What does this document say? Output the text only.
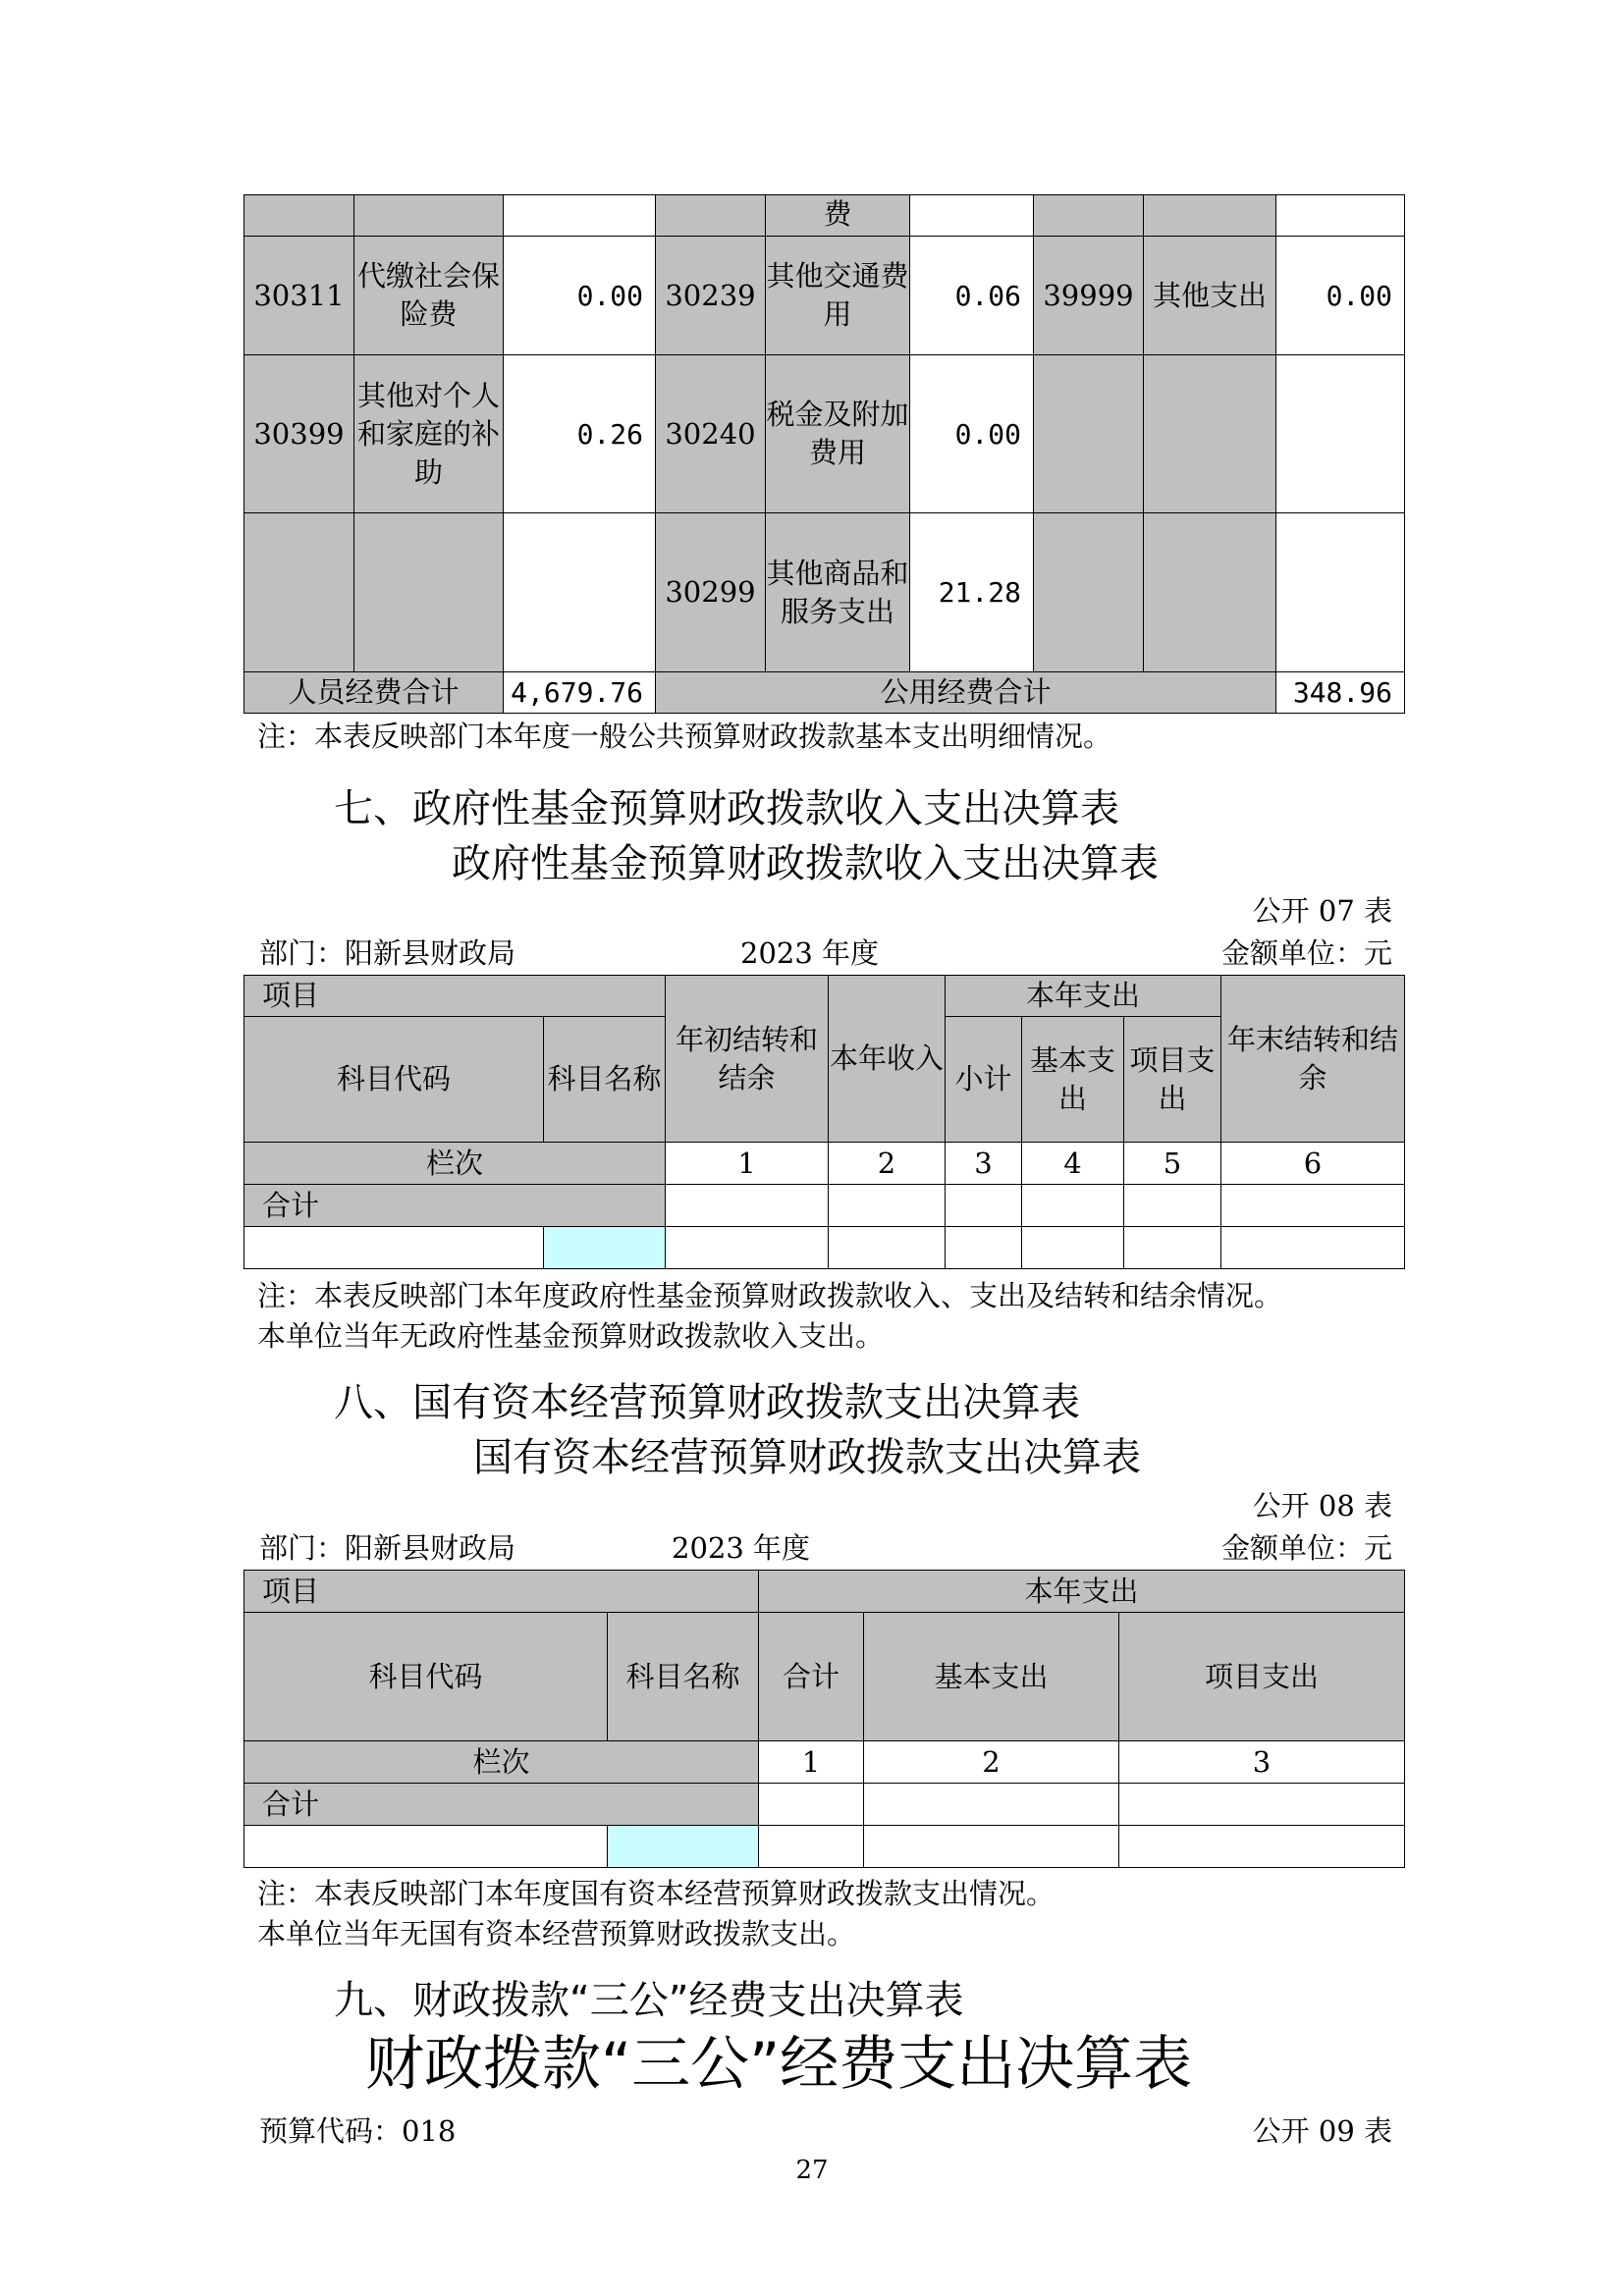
				费				
30311	代缴社会保险费	0.00	30239	其他交通费用	0.06	39999	其他支出	0.00
30399	其他对个人和家庭的补助	0.26	30240	税金及附加费用	0.00			
			30299	其他商品和服务支出	21.28			
人员经费合计		4,679.76	公用经费合计					348.96
注：本表反映部门本年度一般公共预算财政拨款基本支出明细情况。
七、政府性基金预算财政拨款收入支出决算表
政府性基金预算财政拨款收入支出决算表
公开 07 表
部门：阳新县财政局	2023 年度	金额单位：元
项目		年初结转和结余	本年收入	本年支出			年末结转和结余
科目代码	科目名称			小计	基本支出	项目支出	
栏次		1	2	3	4	5	6
合计							

注：本表反映部门本年度政府性基金预算财政拨款收入、支出及结转和结余情况。
本单位当年无政府性基金预算财政拨款收入支出。
八、国有资本经营预算财政拨款支出决算表
国有资本经营预算财政拨款支出决算表
公开 08 表
部门：阳新县财政局	2023 年度	金额单位：元
项目		本年支出		
科目代码	科目名称	合计	基本支出	项目支出
栏次		1	2	3
合计				

注：本表反映部门本年度国有资本经营预算财政拨款支出情况。
本单位当年无国有资本经营预算财政拨款支出。
九、财政拨款“三公”经费支出决算表
财政拨款“三公”经费支出决算表
预算代码：018	公开 09 表
27
